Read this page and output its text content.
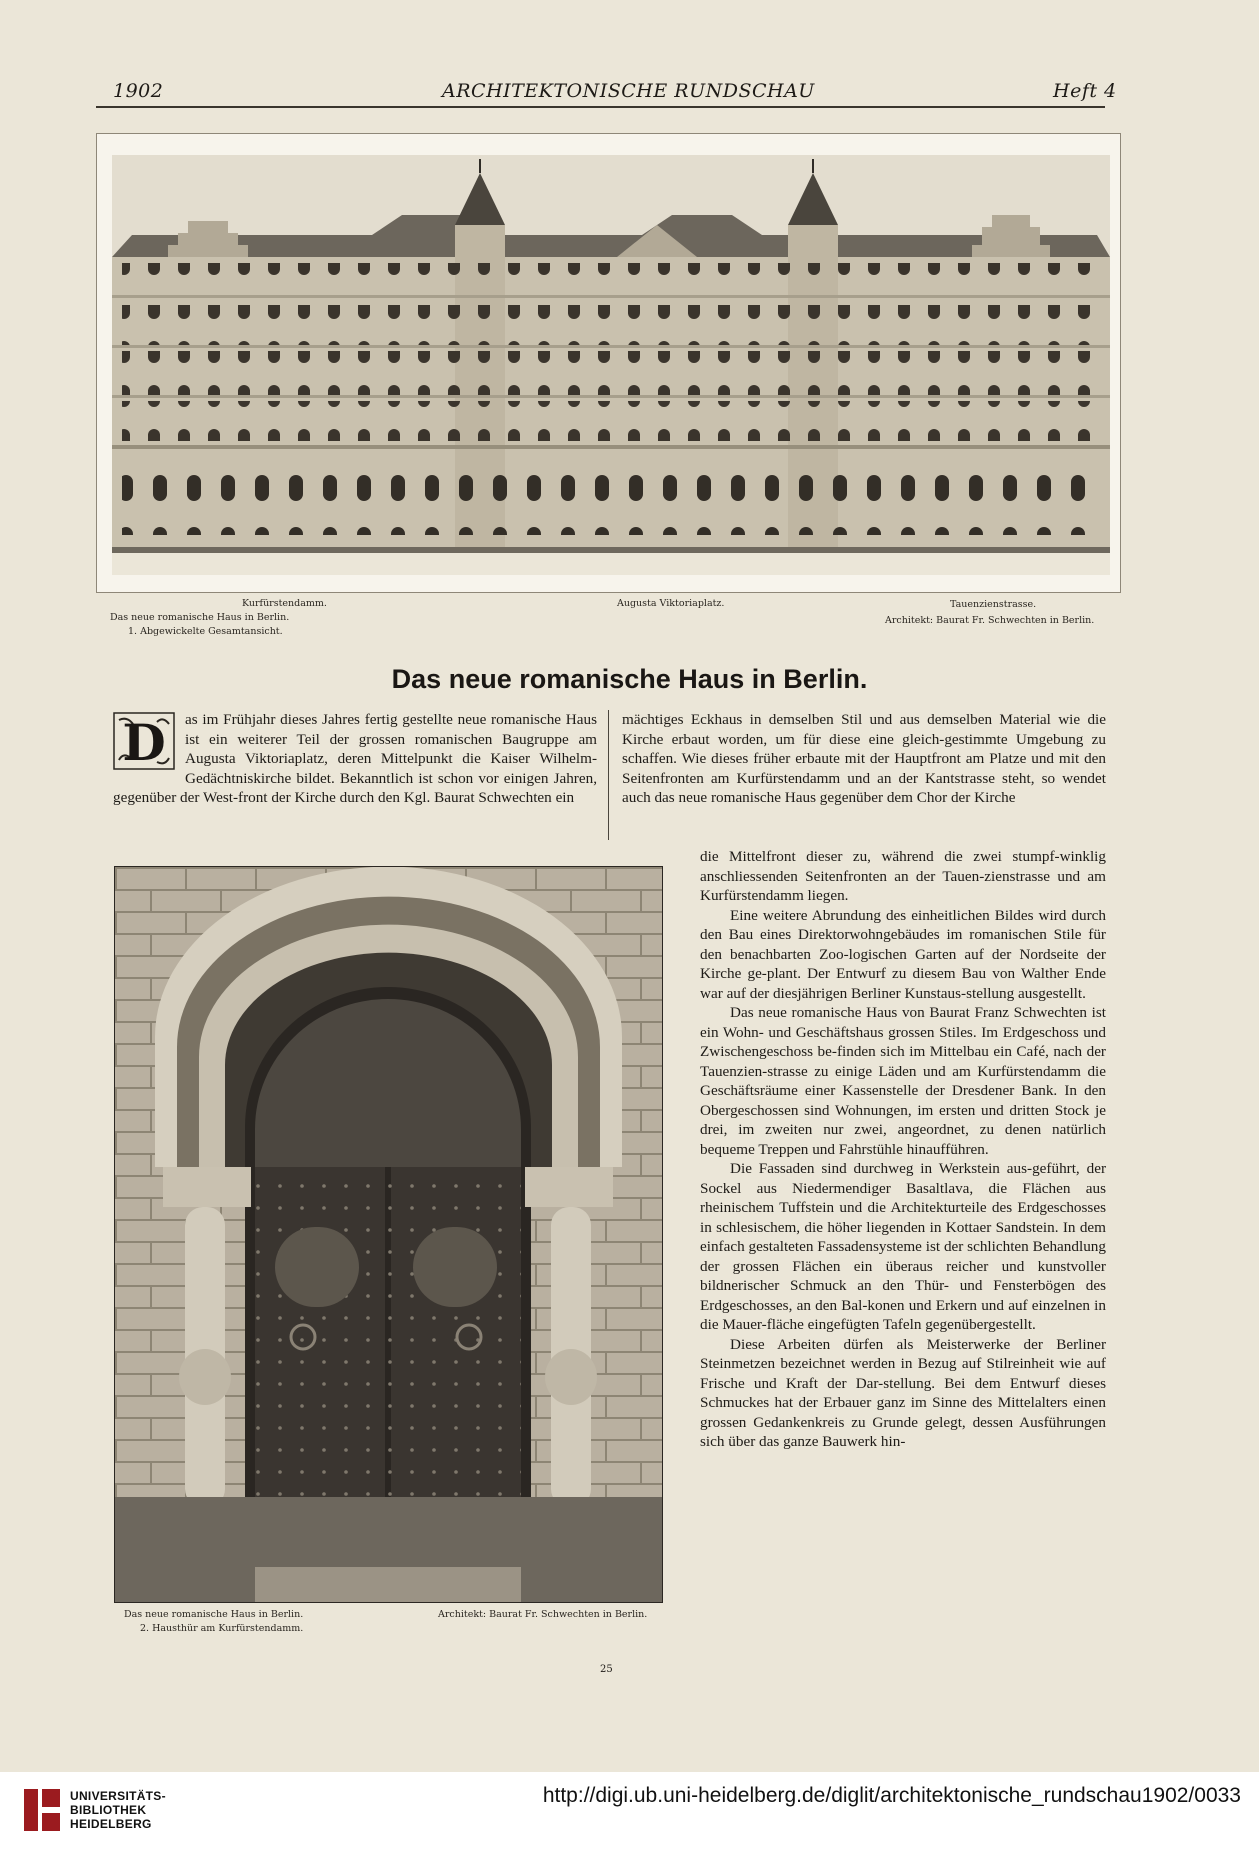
1902	ARCHITEKTONISCHE RUNDSCHAU	Heft 4
Kurfürstendamm.
Das neue romanische Haus in Berlin.
1. Abgewickelte Gesamtansicht.
Augusta Viktoriaplatz.	Tauenzienstrasse.
Architekt: Baurat Fr. Schwechten in Berlin.
Das neue romanische Haus in Berlin.
D	as im Frühjahr dieses Jahres fertig gestellte neue romanische Haus ist ein weiterer Teil der grossen romanischen Baugruppe am Augusta Viktoriaplatz, deren Mittelpunkt die Kaiser Wilhelm-Gedächtniskirche bildet. Bekanntlich ist schon vor einigen Jahren, gegenüber der West-front der Kirche durch den Kgl. Baurat Schwechten ein

mächtiges Eckhaus in demselben Stil und aus demselben Material wie die Kirche erbaut worden, um für diese eine gleich-gestimmte Umgebung zu schaffen. Wie dieses früher erbaute mit der Hauptfront am Platze und mit den Seitenfronten am Kurfürstendamm und an der Kantstrasse steht, so wendet auch das neue romanische Haus gegenüber dem Chor der Kirche

Das neue romanische Haus in Berlin.
2. Hausthür am Kurfürstendamm.
Architekt: Baurat Fr. Schwechten in Berlin.

die Mittelfront dieser zu, während die zwei stumpf-winklig anschliessenden Seitenfronten an der Tauen-zienstrasse und am Kurfürstendamm liegen.

Eine weitere Abrundung des einheitlichen Bildes wird durch den Bau eines Direktorwohngebäudes im romanischen Stile für den benachbarten Zoo-logischen Garten auf der Nordseite der Kirche ge-plant. Der Entwurf zu diesem Bau von Walther Ende war auf der diesjährigen Berliner Kunstaus-stellung ausgestellt.

Das neue romanische Haus von Baurat Franz Schwechten ist ein Wohn- und Geschäftshaus grossen Stiles. Im Erdgeschoss und Zwischengeschoss be-finden sich im Mittelbau ein Café, nach der Tauenzien-strasse zu einige Läden und am Kurfürstendamm die Geschäftsräume einer Kassenstelle der Dresdener Bank. In den Obergeschossen sind Wohnungen, im ersten und dritten Stock je drei, im zweiten nur zwei, angeordnet, zu denen natürlich bequeme Treppen und Fahrstühle hinaufführen.

Die Fassaden sind durchweg in Werkstein aus-geführt, der Sockel aus Niedermendiger Basaltlava, die Flächen aus rheinischem Tuffstein und die Architekturteile des Erdgeschosses in schlesischem, die höher liegenden in Kottaer Sandstein. In dem einfach gestalteten Fassadensysteme ist der schlichten Behandlung der grossen Flächen ein überaus reicher und kunstvoller bildnerischer Schmuck an den Thür- und Fensterbögen des Erdgeschosses, an den Bal-konen und Erkern und auf einzelnen in die Mauer-fläche eingefügten Tafeln gegenübergestellt.

Diese Arbeiten dürfen als Meisterwerke der Berliner Steinmetzen bezeichnet werden in Bezug auf Stilreinheit wie auf Frische und Kraft der Dar-stellung. Bei dem Entwurf dieses Schmuckes hat der Erbauer ganz im Sinne des Mittelalters einen grossen Gedankenkreis zu Grunde gelegt, dessen Ausführungen sich über das ganze Bauwerk hin-

25
UNIVERSITÄTS-
BIBLIOTHEK
HEIDELBERG
http://digi.ub.uni-heidelberg.de/diglit/architektonische_rundschau1902/0033
